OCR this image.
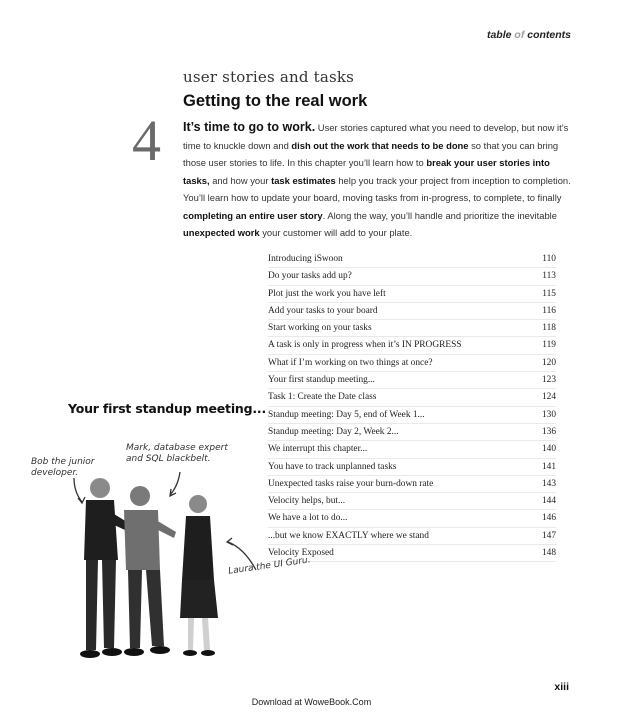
table of contents
user stories and tasks
Getting to the real work
4 It’s time to go to work. User stories captured what you need to develop, but now it’s time to knuckle down and dish out the work that needs to be done so that you can bring those user stories to life. In this chapter you’ll learn how to break your user stories into tasks, and how your task estimates help you track your project from inception to completion. You’ll learn how to update your board, moving tasks from in-progress, to complete, to finally completing an entire user story. Along the way, you’ll handle and prioritize the inevitable unexpected work your customer will add to your plate.
Introducing iSwoon	110
Do your tasks add up?	113
Plot just the work you have left	115
Add your tasks to your board	116
Start working on your tasks	118
A task is only in progress when it’s IN PROGRESS	119
What if I’m working on two things at once?	120
Your first standup meeting...	123
Task 1: Create the Date class	124
Standup meeting: Day 5, end of Week 1...	130
Standup meeting: Day 2, Week 2...	136
We interrupt this chapter...	140
You have to track unplanned tasks	141
Unexpected tasks raise your burn-down rate	143
Velocity helps, but...	144
We have a lot to do...	146
...but we know EXACTLY where we stand	147
Velocity Exposed	148
Your first standup meeting...
Bob the junior
developer.
Mark, database expert
and SQL blackbelt.
Laura the UI Guru.
xiii
Download at WoweBook.Com
